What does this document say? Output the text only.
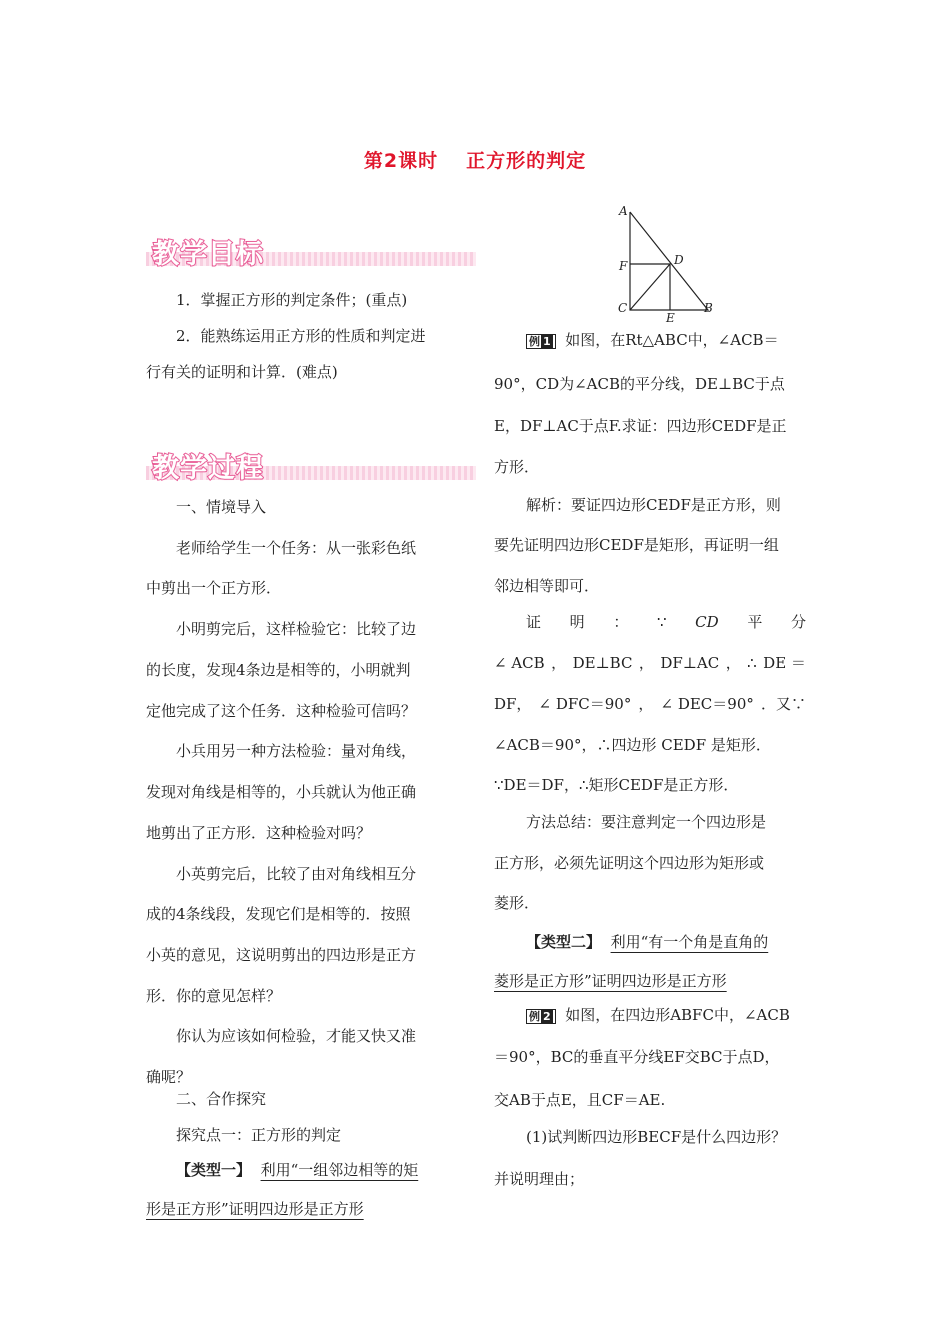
第2课时 正方形的判定
教学目标
1．掌握正方形的判定条件；(重点)
2．能熟练运用正方形的性质和判定进
行有关的证明和计算．(难点)
教学过程
一、情境导入
老师给学生一个任务：从一张彩色纸
中剪出一个正方形．
小明剪完后，这样检验它：比较了边
的长度，发现4条边是相等的，小明就判
定他完成了这个任务．这种检验可信吗？
小兵用另一种方法检验：量对角线，
发现对角线是相等的，小兵就认为他正确
地剪出了正方形．这种检验对吗？
小英剪完后，比较了由对角线相互分
成的4条线段，发现它们是相等的．按照
小英的意见，这说明剪出的四边形是正方
形．你的意见怎样？
你认为应该如何检验，才能又快又准
确呢？
二、合作探究
探究点一：正方形的判定
【类型一】 利用“一组邻边相等的矩
形是正方形”证明四边形是正方形
A
B
C
D
E
F
例 1 如图，在Rt△ABC中，∠ACB＝
90°，CD为∠ACB的平分线，DE⊥BC于点
E，DF⊥AC于点F.求证：四边形CEDF是正
方形．
解析：要证四边形CEDF是正方形，则
要先证明四边形CEDF是矩形，再证明一组
邻边相等即可．
证 明 ： ∵ CD 平 分
∠ ACB ， DE⊥BC ， DF⊥AC ， ∴ DE ＝
DF， ∠ DFC＝90° ， ∠ DEC＝90° ．又∵
∠ACB＝90°，∴四边形 CEDF 是矩形．
∵DE＝DF，∴矩形CEDF是正方形．
方法总结：要注意判定一个四边形是
正方形，必须先证明这个四边形为矩形或
菱形．
【类型二】 利用“有一个角是直角的
菱形是正方形”证明四边形是正方形
例 2 如图，在四边形ABFC中，∠ACB
＝90°，BC的垂直平分线EF交BC于点D，
交AB于点E，且CF＝AE.
(1)试判断四边形BECF是什么四边形？
并说明理由；
